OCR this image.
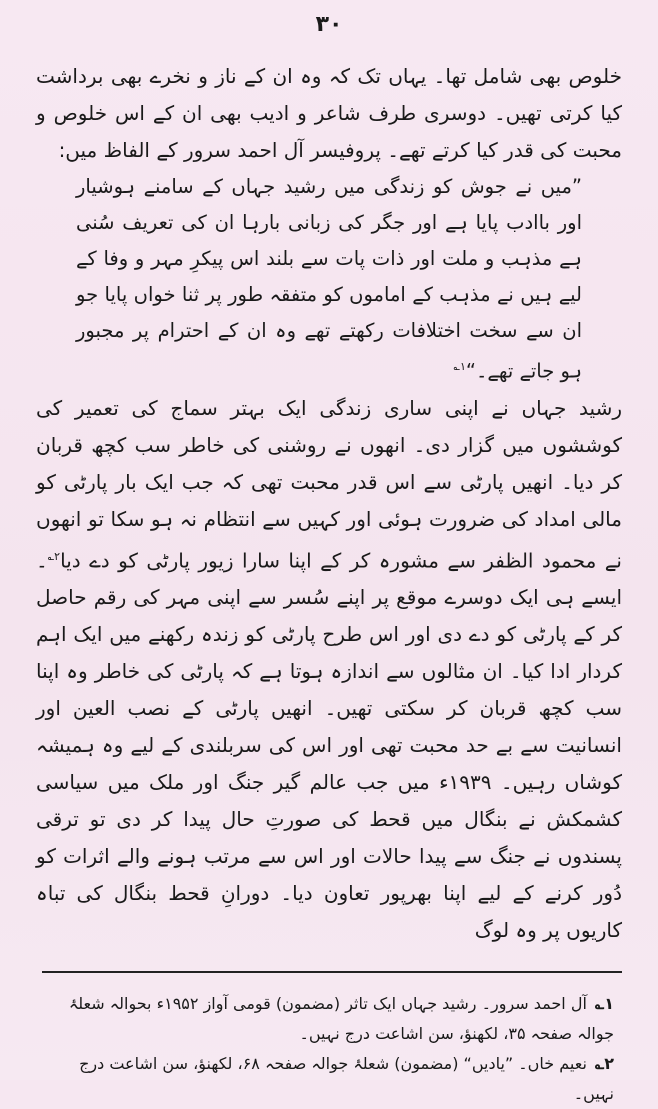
۳۰

خلوص بھی شامل تھا۔ یہاں تک کہ وہ ان کے ناز و نخرے بھی برداشت کیا کرتی تھیں۔ دوسری طرف شاعر و ادیب بھی ان کے اس خلوص و محبت کی قدر کیا کرتے تھے۔ پروفیسر آل احمد سرور کے الفاظ میں:

”میں نے جوش کو زندگی میں رشید جہاں کے سامنے ہوشیار اور باادب پایا ہے اور جگر کی زبانی بارہا ان کی تعریف سُنی ہے مذہب و ملت اور ذات پات سے بلند اس پیکرِ مہر و وفا کے لیے ہیں نے مذہب کے اماموں کو متفقہ طور پر ثنا خواں پایا جو ان سے سخت اختلافات رکھتے تھے وہ ان کے احترام پر مجبور ہو جاتے تھے۔“$^{۱؎}$

رشید جہاں نے اپنی ساری زندگی ایک بہتر سماج کی تعمیر کی کوششوں میں گزار دی۔ انھوں نے روشنی کی خاطر سب کچھ قربان کر دیا۔ انھیں پارٹی سے اس قدر محبت تھی کہ جب ایک بار پارٹی کو مالی امداد کی ضرورت ہوئی اور کہیں سے انتظام نہ ہو سکا تو انھوں نے محمود الظفر سے مشورہ کر کے اپنا سارا زیور پارٹی کو دے دیا$^{۲؎}$۔ ایسے ہی ایک دوسرے موقع پر اپنے سُسر سے اپنی مہر کی رقم حاصل کر کے پارٹی کو دے دی اور اس طرح پارٹی کو زندہ رکھنے میں ایک اہم کردار ادا کیا۔ ان مثالوں سے اندازہ ہوتا ہے کہ پارٹی کی خاطر وہ اپنا سب کچھ قربان کر سکتی تھیں۔ انھیں پارٹی کے نصب العین اور انسانیت سے بے حد محبت تھی اور اس کی سربلندی کے لیے وہ ہمیشہ کوشاں رہیں۔ ۱۹۳۹ء میں جب عالم گیر جنگ اور ملک میں سیاسی کشمکش نے بنگال میں قحط کی صورتِ حال پیدا کر دی تو ترقی پسندوں نے جنگ سے پیدا حالات اور اس سے مرتب ہونے والے اثرات کو دُور کرنے کے لیے اپنا بھرپور تعاون دیا۔ دورانِ قحط بنگال کی تباہ کاریوں پر وہ لوگ

۱؎ آل احمد سرور۔ رشید جہاں ایک تاثر (مضمون) قومی آواز ۱۹۵۲ء بحوالہ شعلۂ جوالہ صفحہ ۳۵، لکھنؤ، سن اشاعت درج نہیں۔

۲؎ نعیم خاں۔ ”یادیں“ (مضمون) شعلۂ جوالہ صفحہ ۶۸، لکھنؤ، سن اشاعت درج نہیں۔
